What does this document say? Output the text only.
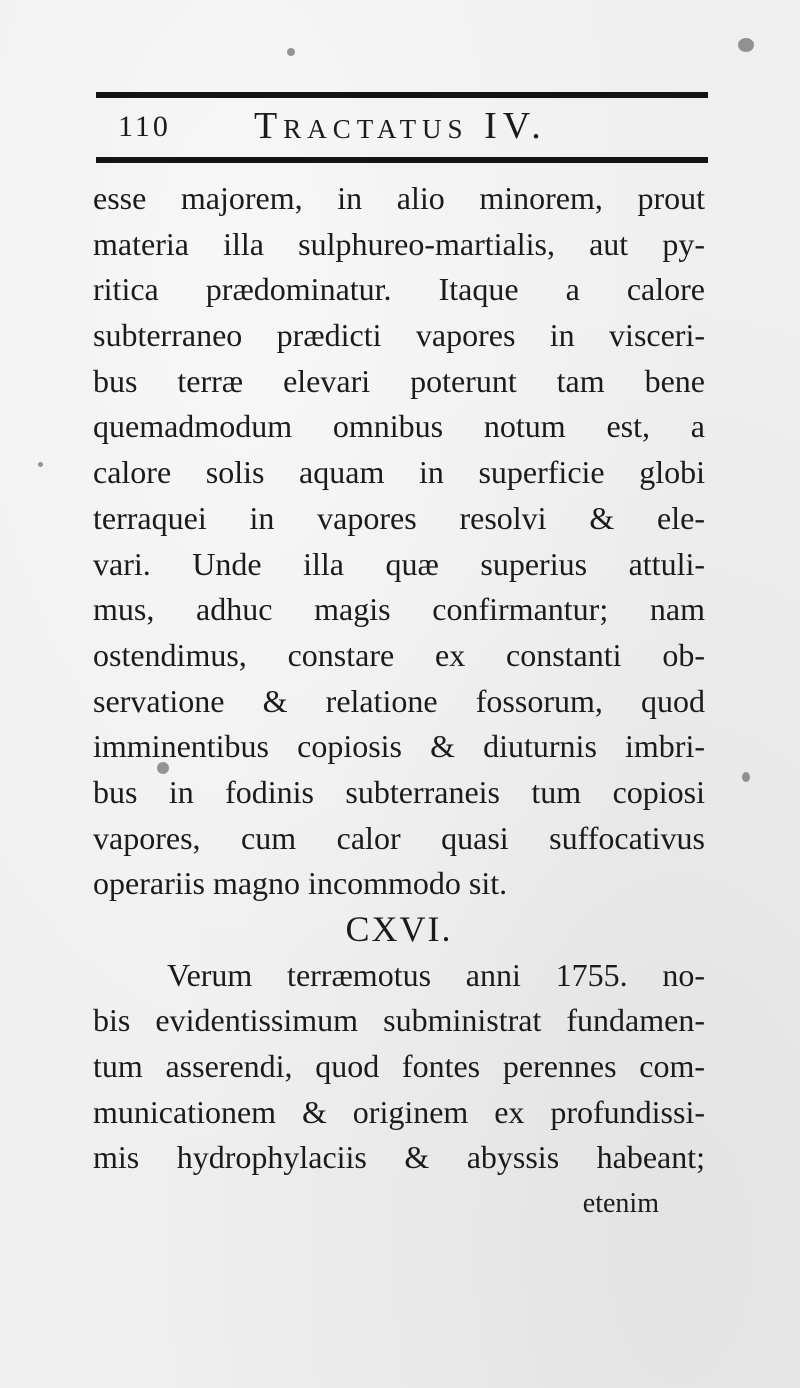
110 Tractatus IV.
esse majorem, in alio minorem, prout
materia illa sulphureo-martialis, aut py-
ritica prædominatur. Itaque a calore
subterraneo prædicti vapores in visceri-
bus terræ elevari poterunt tam bene
quemadmodum omnibus notum est, a
calore solis aquam in superficie globi
terraquei in vapores resolvi & ele-
vari. Unde illa quæ superius attuli-
mus, adhuc magis confirmantur; nam
ostendimus, constare ex constanti ob-
servatione & relatione fossorum, quod
imminentibus copiosis & diuturnis imbri-
bus in fodinis subterraneis tum copiosi
vapores, cum calor quasi suffocativus
operariis magno incommodo sit.
CXVI.
Verum terræmotus anni 1755. no-
bis evidentissimum subministrat fundamen-
tum asserendi, quod fontes perennes com-
municationem & originem ex profundissi-
mis hydrophylaciis & abyssis habeant;
etenim
